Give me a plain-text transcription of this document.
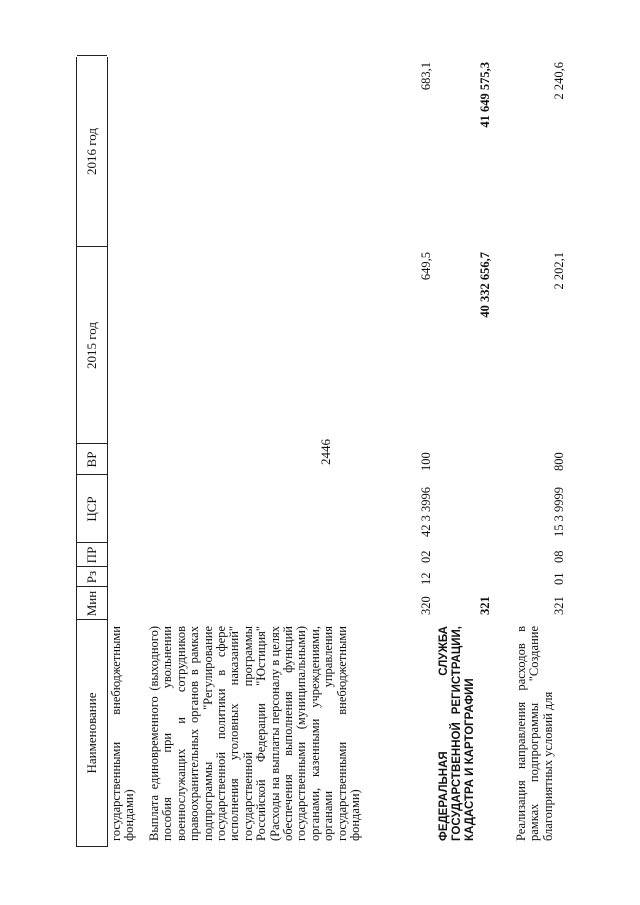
2446
Наименование
Мин
Рз
ПР
ЦСР
ВР
2015 год
2016 год
государственными внебюджетными фондами) Выплата единовременного (выходного) пособия при увольнении военнослужащих и сотрудников правоохранительных органов в рамках подпрограммы "Регулирование государственной политики в сфере исполнения уголовных наказаний" государственной программы Российской Федерации "Юстиция" (Расходы на выплаты персоналу в целях обеспечения выполнения функций государственными (муниципальными) органами, казенными учреждениями, органами управления государственными внебюджетными фондами)
320
12
02
42 3 3996
100
649,5
683,1
ФЕДЕРАЛЬНАЯ СЛУЖБА ГОСУДАРСТВЕННОЙ РЕГИСТРАЦИИ, КАДАСТРА И КАРТОГРАФИИ
321
40 332 656,7
41 649 575,3
Реализация направления расходов в рамках подпрограммы "Создание благоприятных условий для
321
01
08
15 3 9999
800
2 202,1
2 240,6
